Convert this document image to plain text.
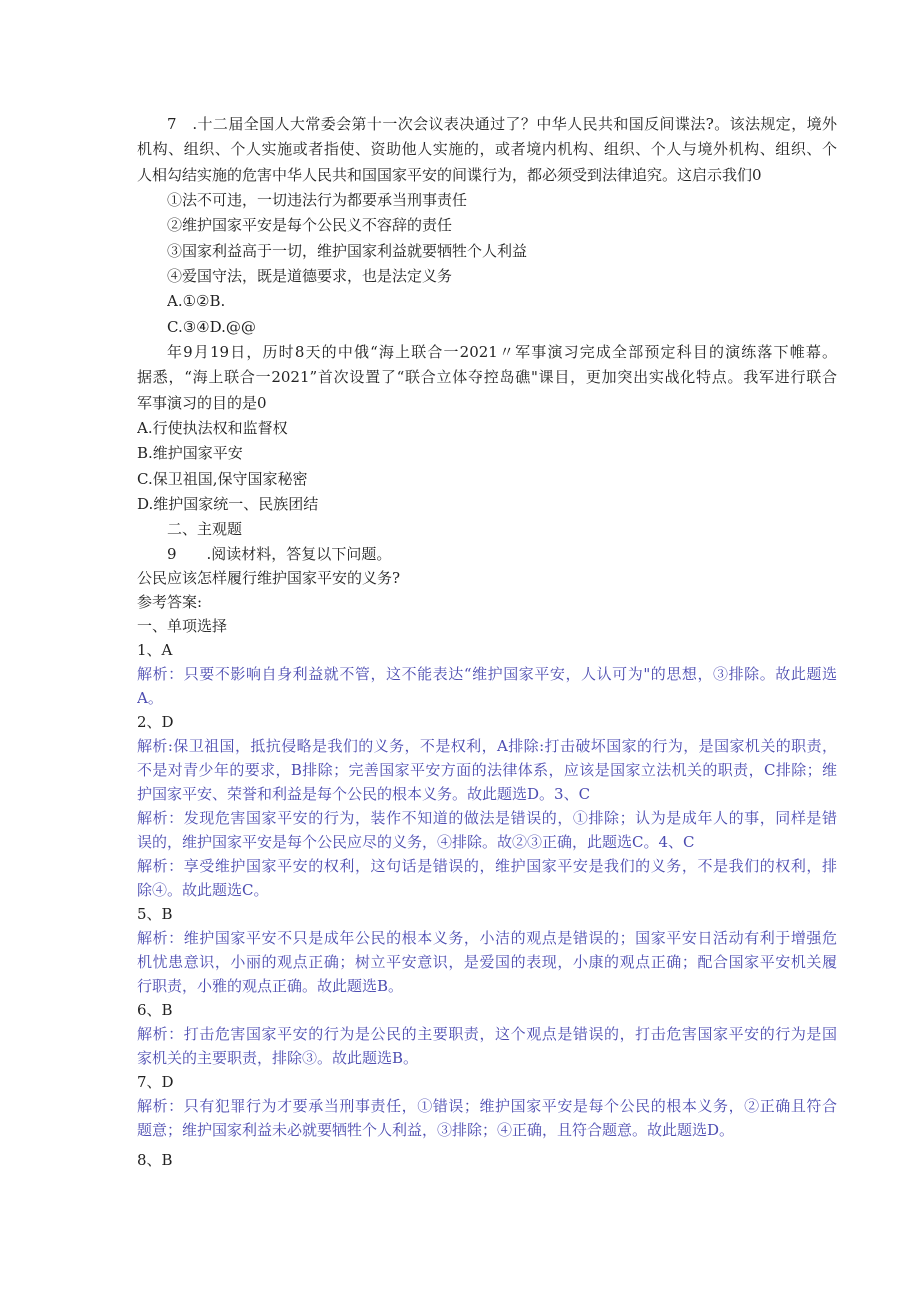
7　.十二届全国人大常委会第十一次会议表决通过了？中华人民共和国反间谍法?。该法规定，境外
机构、组织、个人实施或者指使、资助他人实施的，或者境内机构、组织、个人与境外机构、组织、个
人相勾结实施的危害中华人民共和国国家平安的间谍行为，都必须受到法律追究。这启示我们0
①法不可违，一切违法行为都要承当刑事责任
②维护国家平安是每个公民义不容辞的责任
③国家利益高于一切，维护国家利益就要牺牲个人利益
④爱国守法，既是道德要求，也是法定义务
A.①②B.
C.③④D.@@
年9月19日，历时8天的中俄“海上联合一2021〃军事演习完成全部预定科目的演练落下帷幕。
据悉，“海上联合一2021”首次设置了“联合立体夺控岛礁"课目，更加突出实战化特点。我军进行联合
军事演习的目的是0
A.行使执法权和监督权
B.维护国家平安
C.保卫祖国,保守国家秘密
D.维护国家统一、民族团结
二、主观题
9　　.阅读材料，答复以下问题。
公民应该怎样履行维护国家平安的义务?
参考答案:
一、单项选择
1、A
解析：只要不影响自身利益就不管，这不能表达“维护国家平安，人认可为"的思想，③排除。故此题选
A。
2、D
解析:保卫祖国，抵抗侵略是我们的义务，不是权利，A排除:打击破坏国家的行为，是国家机关的职责，
不是对青少年的要求，B排除；完善国家平安方面的法律体系，应该是国家立法机关的职责，C排除；维
护国家平安、荣誉和利益是每个公民的根本义务。故此题选D。3、C
解析：发现危害国家平安的行为，装作不知道的做法是错误的，①排除；认为是成年人的事，同样是错
误的，维护国家平安是每个公民应尽的义务，④排除。故②③正确，此题选C。4、C
解析：享受维护国家平安的权利，这句话是错误的，维护国家平安是我们的义务，不是我们的权利，排
除④。故此题选C。
5、B
解析：维护国家平安不只是成年公民的根本义务，小洁的观点是错误的；国家平安日活动有利于增强危
机忧患意识，小丽的观点正确；树立平安意识，是爱国的表现，小康的观点正确；配合国家平安机关履
行职责，小雅的观点正确。故此题选B。
6、B
解析：打击危害国家平安的行为是公民的主要职责，这个观点是错误的，打击危害国家平安的行为是国
家机关的主要职责，排除③。故此题选B。
7、D
解析：只有犯罪行为才要承当刑事责任，①错误；维护国家平安是每个公民的根本义务，②正确且符合
题意；维护国家利益未必就要牺牲个人利益，③排除；④正确，且符合题意。故此题选D。
8、B
